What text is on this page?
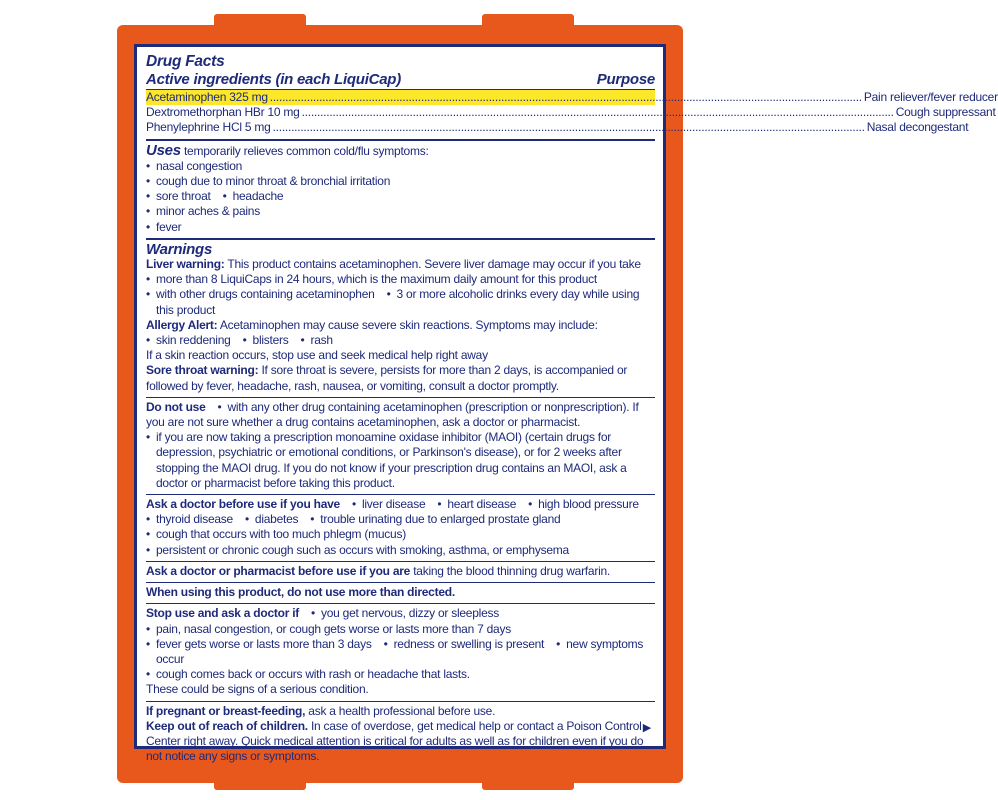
Drug Facts
Active ingredients (in each LiquiCap)	Purpose
Acetaminophen 325 mg .....	Pain reliever/fever reducer
Dextromethorphan HBr 10 mg .....	Cough suppressant
Phenylephrine HCl 5 mg .....	Nasal decongestant
Uses temporarily relieves common cold/flu symptoms:
• nasal congestion
• cough due to minor throat & bronchial irritation
• sore throat • headache
• minor aches & pains
• fever
Warnings
Liver warning: This product contains acetaminophen. Severe liver damage may occur if you take
• more than 8 LiquiCaps in 24 hours, which is the maximum daily amount for this product
• with other drugs containing acetaminophen • 3 or more alcoholic drinks every day while using this product
Allergy Alert: Acetaminophen may cause severe skin reactions. Symptoms may include:
• skin reddening • blisters • rash
If a skin reaction occurs, stop use and seek medical help right away
Sore throat warning: If sore throat is severe, persists for more than 2 days, is accompanied or followed by fever, headache, rash, nausea, or vomiting, consult a doctor promptly.
Do not use • with any other drug containing acetaminophen (prescription or nonprescription). If you are not sure whether a drug contains acetaminophen, ask a doctor or pharmacist.
• if you are now taking a prescription monoamine oxidase inhibitor (MAOI) (certain drugs for depression, psychiatric or emotional conditions, or Parkinson's disease), or for 2 weeks after stopping the MAOI drug. If you do not know if your prescription drug contains an MAOI, ask a doctor or pharmacist before taking this product.
Ask a doctor before use if you have • liver disease • heart disease • high blood pressure
• thyroid disease • diabetes • trouble urinating due to enlarged prostate gland
• cough that occurs with too much phlegm (mucus)
• persistent or chronic cough such as occurs with smoking, asthma, or emphysema
Ask a doctor or pharmacist before use if you are taking the blood thinning drug warfarin.
When using this product, do not use more than directed.
Stop use and ask a doctor if • you get nervous, dizzy or sleepless
• pain, nasal congestion, or cough gets worse or lasts more than 7 days
• fever gets worse or lasts more than 3 days • redness or swelling is present • new symptoms occur
• cough comes back or occurs with rash or headache that lasts.
These could be signs of a serious condition.
If pregnant or breast-feeding, ask a health professional before use.
Keep out of reach of children. In case of overdose, get medical help or contact a Poison Control Center right away. Quick medical attention is critical for adults as well as for children even if you do not notice any signs or symptoms.
▶
